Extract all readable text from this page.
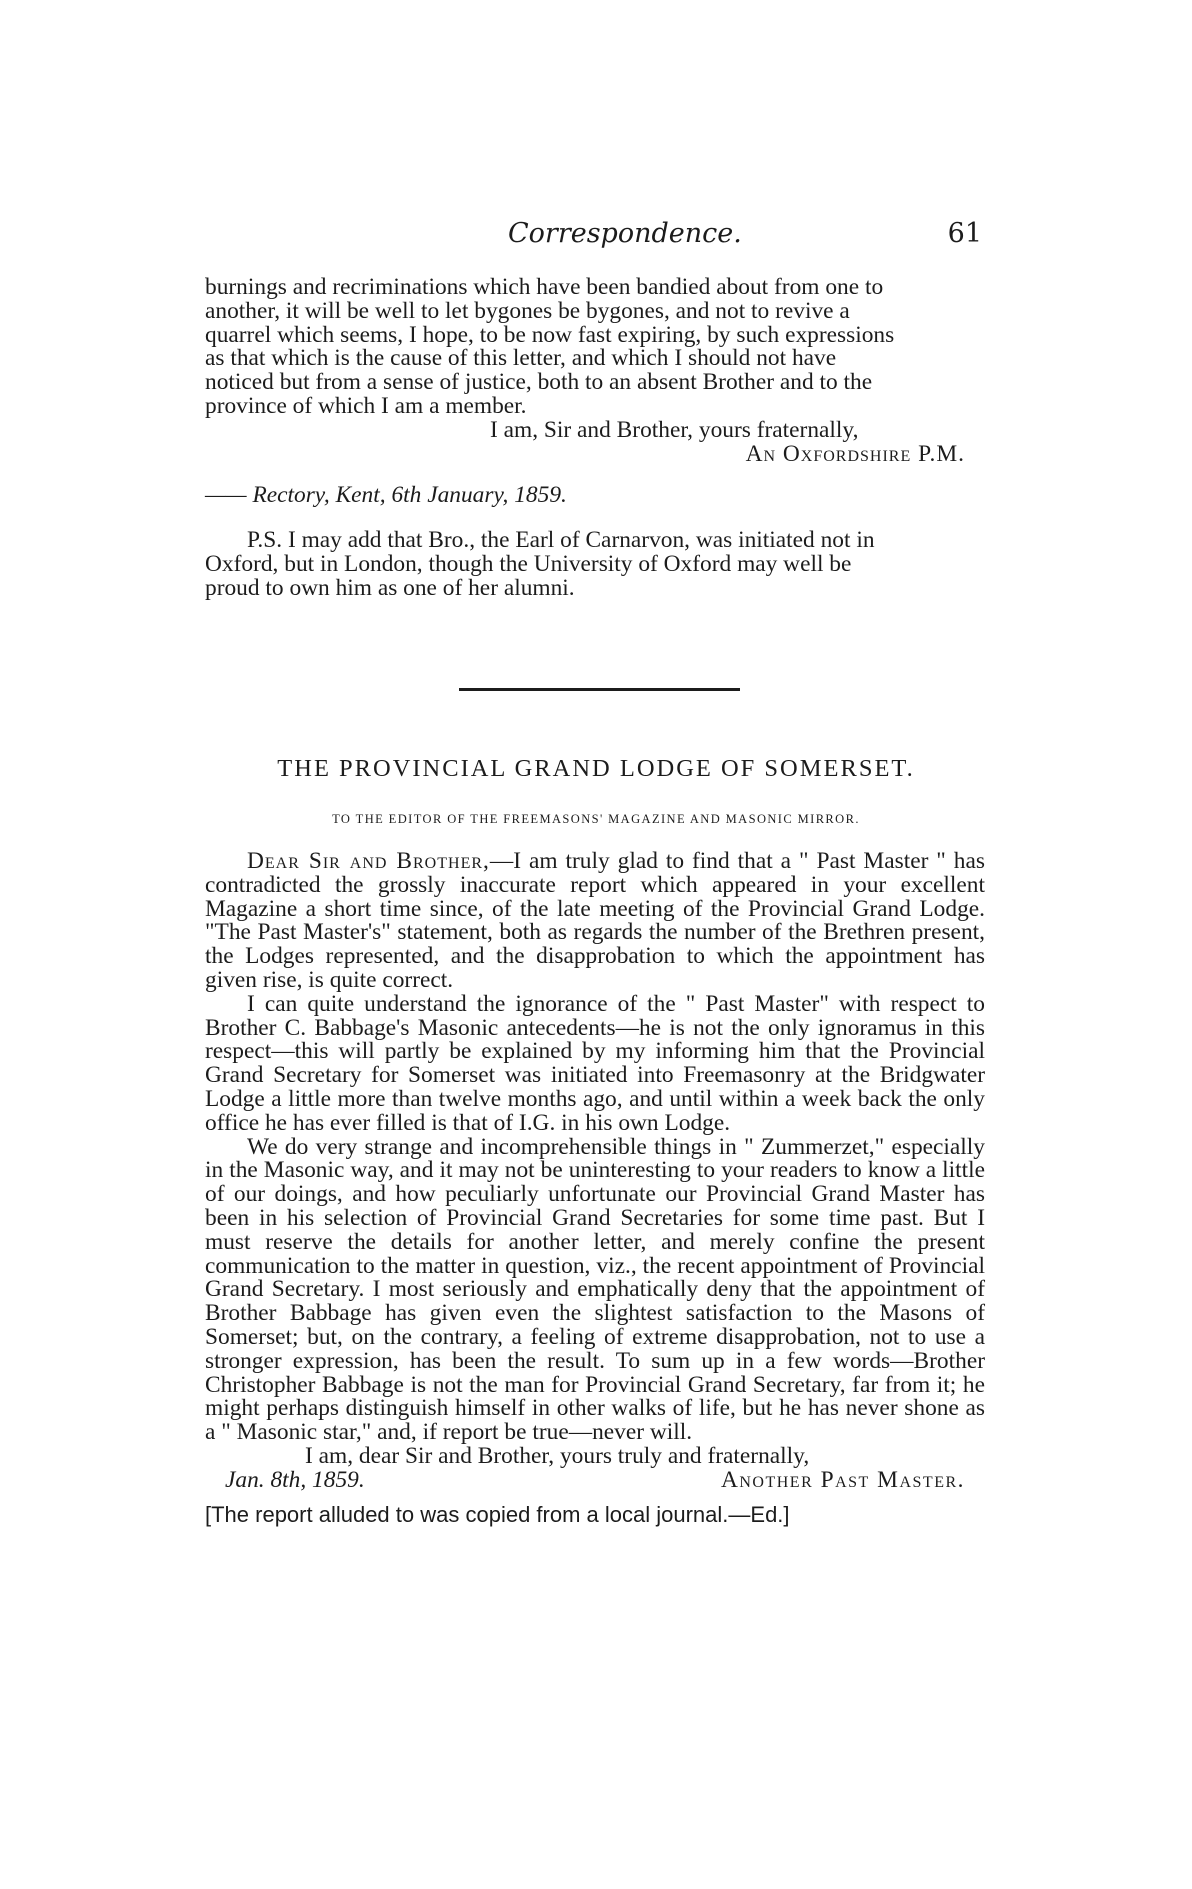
Correspondence.	61

burnings and recriminations which have been bandied about from one to

another, it will be well to let bygones be bygones, and not to revive a

quarrel which seems, I hope, to be now fast expiring, by such expressions

as that which is the cause of this letter, and which I should not have

noticed but from a sense of justice, both to an absent Brother and to the

province of which I am a member.

I am, Sir and Brother, yours fraternally,

An Oxfordshire P.M.

—— Rectory, Kent, 6th January, 1859.

P.S. I may add that Bro., the Earl of Carnarvon, was initiated not in

Oxford, but in London, though the University of Oxford may well be

proud to own him as one of her alumni.

THE PROVINCIAL GRAND LODGE OF SOMERSET.
TO THE EDITOR OF THE FREEMASONS' MAGAZINE AND MASONIC MIRROR.

Dear Sir and Brother,—I am truly glad to find that a " Past Master " has contradicted the grossly inaccurate report which appeared in your excellent Magazine a short time since, of the late meeting of the Provincial Grand Lodge. "The Past Master's" statement, both as regards the number of the Brethren present, the Lodges represented, and the disapprobation to which the appointment has given rise, is quite correct.

I can quite understand the ignorance of the " Past Master" with respect to Brother C. Babbage's Masonic antecedents—he is not the only ignoramus in this respect—this will partly be explained by my informing him that the Provincial Grand Secretary for Somerset was initiated into Freemasonry at the Bridgwater Lodge a little more than twelve months ago, and until within a week back the only office he has ever filled is that of I.G. in his own Lodge.

We do very strange and incomprehensible things in " Zummerzet," especially in the Masonic way, and it may not be uninteresting to your readers to know a little of our doings, and how peculiarly unfortunate our Provincial Grand Master has been in his selection of Provincial Grand Secretaries for some time past. But I must reserve the details for another letter, and merely confine the present communication to the matter in question, viz., the recent appointment of Provincial Grand Secretary. I most seriously and emphatically deny that the appointment of Brother Babbage has given even the slightest satisfaction to the Masons of Somerset; but, on the contrary, a feeling of extreme disapprobation, not to use a stronger expression, has been the result. To sum up in a few words—Brother Christopher Babbage is not the man for Provincial Grand Secretary, far from it; he might perhaps distinguish himself in other walks of life, but he has never shone as a " Masonic star," and, if report be true—never will.

I am, dear Sir and Brother, yours truly and fraternally,

Jan. 8th, 1859.	Another Past Master.

[The report alluded to was copied from a local journal.—Ed.]
